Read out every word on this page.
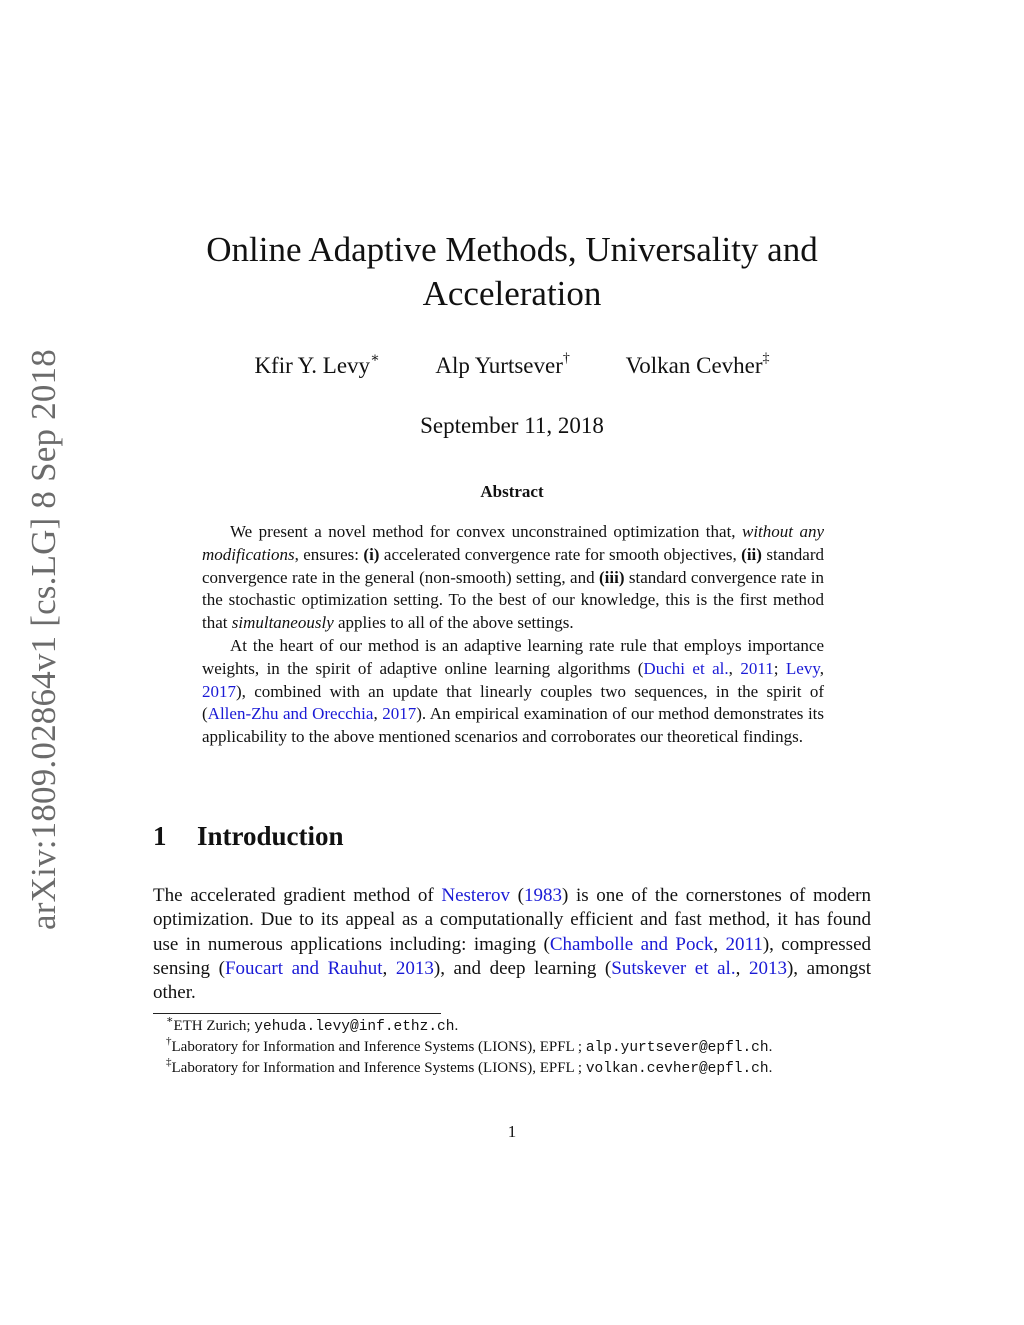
arXiv:1809.02864v1 [cs.LG] 8 Sep 2018
Online Adaptive Methods, Universality and
Acceleration
Kfir Y. Levy∗ Alp Yurtsever† Volkan Cevher‡
September 11, 2018
Abstract

We present a novel method for convex unconstrained optimization that, without any modifications, ensures: (i) accelerated convergence rate for smooth objectives, (ii) standard convergence rate in the general (non-smooth) setting, and (iii) standard convergence rate in the stochastic optimization setting. To the best of our knowledge, this is the first method that simultaneously applies to all of the above settings.

At the heart of our method is an adaptive learning rate rule that employs importance weights, in the spirit of adaptive online learning algorithms (Duchi et al., 2011; Levy, 2017), combined with an update that linearly couples two sequences, in the spirit of (Allen-Zhu and Orecchia, 2017). An empirical examination of our method demonstrates its applicability to the above mentioned scenarios and corroborates our theoretical findings.

1 Introduction

The accelerated gradient method of Nesterov (1983) is one of the cornerstones of modern optimization. Due to its appeal as a computationally efficient and fast method, it has found use in numerous applications including: imaging (Chambolle and Pock, 2011), compressed sensing (Foucart and Rauhut, 2013), and deep learning (Sutskever et al., 2013), amongst other.

∗ETH Zurich; yehuda.levy@inf.ethz.ch.
†Laboratory for Information and Inference Systems (LIONS), EPFL ; alp.yurtsever@epfl.ch.
‡Laboratory for Information and Inference Systems (LIONS), EPFL ; volkan.cevher@epfl.ch.
1
